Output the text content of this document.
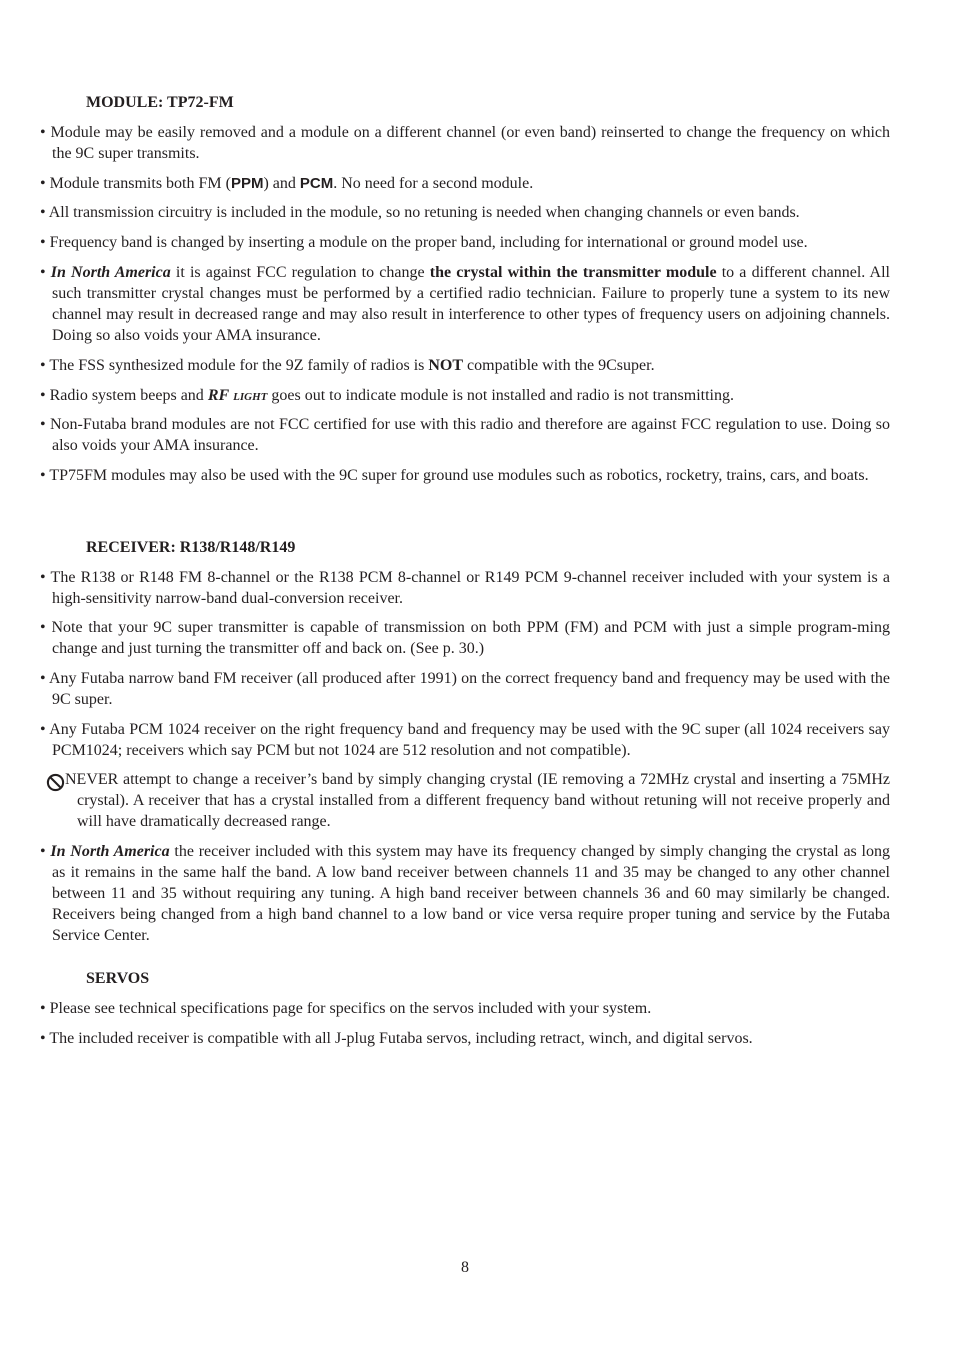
MODULE: TP72-FM

• Module may be easily removed and a module on a different channel (or even band) reinserted to change the frequency on which the 9C super transmits.

• Module transmits both FM (PPM) and PCM. No need for a second module.

• All transmission circuitry is included in the module, so no retuning is needed when changing channels or even bands.

• Frequency band is changed by inserting a module on the proper band, including for international or ground model use.

• In North America it is against FCC regulation to change the crystal within the transmitter module to a different channel. All such transmitter crystal changes must be performed by a certified radio technician. Failure to properly tune a system to its new channel may result in decreased range and may also result in interference to other types of frequency users on adjoining channels. Doing so also voids your AMA insurance.

• The FSS synthesized module for the 9Z family of radios is NOT compatible with the 9Csuper.

• Radio system beeps and RF light goes out to indicate module is not installed and radio is not transmitting.

• Non-Futaba brand modules are not FCC certified for use with this radio and therefore are against FCC regulation to use. Doing so also voids your AMA insurance.

• TP75FM modules may also be used with the 9C super for ground use modules such as robotics, rocketry, trains, cars, and boats.

RECEIVER: R138/R148/R149

• The R138 or R148 FM 8-channel or the R138 PCM 8-channel or R149 PCM 9-channel receiver included with your system is a high-sensitivity narrow-band dual-conversion receiver.

• Note that your 9C super transmitter is capable of transmission on both PPM (FM) and PCM with just a simple program-ming change and just turning the transmitter off and back on. (See p. 30.)

• Any Futaba narrow band FM receiver (all produced after 1991) on the correct frequency band and frequency may be used with the 9C super.

• Any Futaba PCM 1024 receiver on the right frequency band and frequency may be used with the 9C super (all 1024 receivers say PCM1024; receivers which say PCM but not 1024 are 512 resolution and not compatible).

NEVER attempt to change a receiver’s band by simply changing crystal (IE removing a 72MHz crystal and inserting a 75MHz crystal). A receiver that has a crystal installed from a different frequency band without retuning will not receive properly and will have dramatically decreased range.

• In North America the receiver included with this system may have its frequency changed by simply changing the crystal as long as it remains in the same half the band. A low band receiver between channels 11 and 35 may be changed to any other channel between 11 and 35 without requiring any tuning. A high band receiver between channels 36 and 60 may similarly be changed. Receivers being changed from a high band channel to a low band or vice versa require proper tuning and service by the Futaba Service Center.

SERVOS

• Please see technical specifications page for specifics on the servos included with your system.

• The included receiver is compatible with all J-plug Futaba servos, including retract, winch, and digital servos.

8
